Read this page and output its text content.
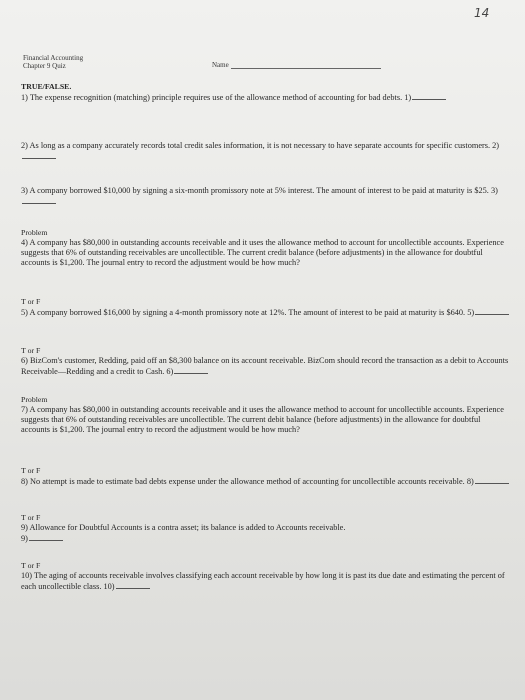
14
Financial Accounting
Chapter 9 Quiz	Name
TRUE/FALSE.
1) The expense recognition (matching) principle requires use of the allowance method of accounting for bad debts. 1)
2) As long as a company accurately records total credit sales information, it is not necessary to have separate accounts for specific customers. 2)
3) A company borrowed $10,000 by signing a six-month promissory note at 5% interest. The amount of interest to be paid at maturity is $25. 3)
Problem
4) A company has $80,000 in outstanding accounts receivable and it uses the allowance method to account for uncollectible accounts. Experience suggests that 6% of outstanding receivables are uncollectible. The current credit balance (before adjustments) in the allowance for doubtful accounts is $1,200. The journal entry to record the adjustment would be how much?
T or F
5) A company borrowed $16,000 by signing a 4-month promissory note at 12%. The amount of interest to be paid at maturity is $640. 5)
T or F
6) BizCom's customer, Redding, paid off an $8,300 balance on its account receivable. BizCom should record the transaction as a debit to Accounts Receivable—Redding and a credit to Cash. 6)
Problem
7) A company has $80,000 in outstanding accounts receivable and it uses the allowance method to account for uncollectible accounts. Experience suggests that 6% of outstanding receivables are uncollectible. The current debit balance (before adjustments) in the allowance for doubtful accounts is $1,200. The journal entry to record the adjustment would be how much?
T or F
8) No attempt is made to estimate bad debts expense under the allowance method of accounting for uncollectible accounts receivable. 8)
T or F
9) Allowance for Doubtful Accounts is a contra asset; its balance is added to Accounts receivable.
9)
T or F
10) The aging of accounts receivable involves classifying each account receivable by how long it is past its due date and estimating the percent of each uncollectible class. 10)
